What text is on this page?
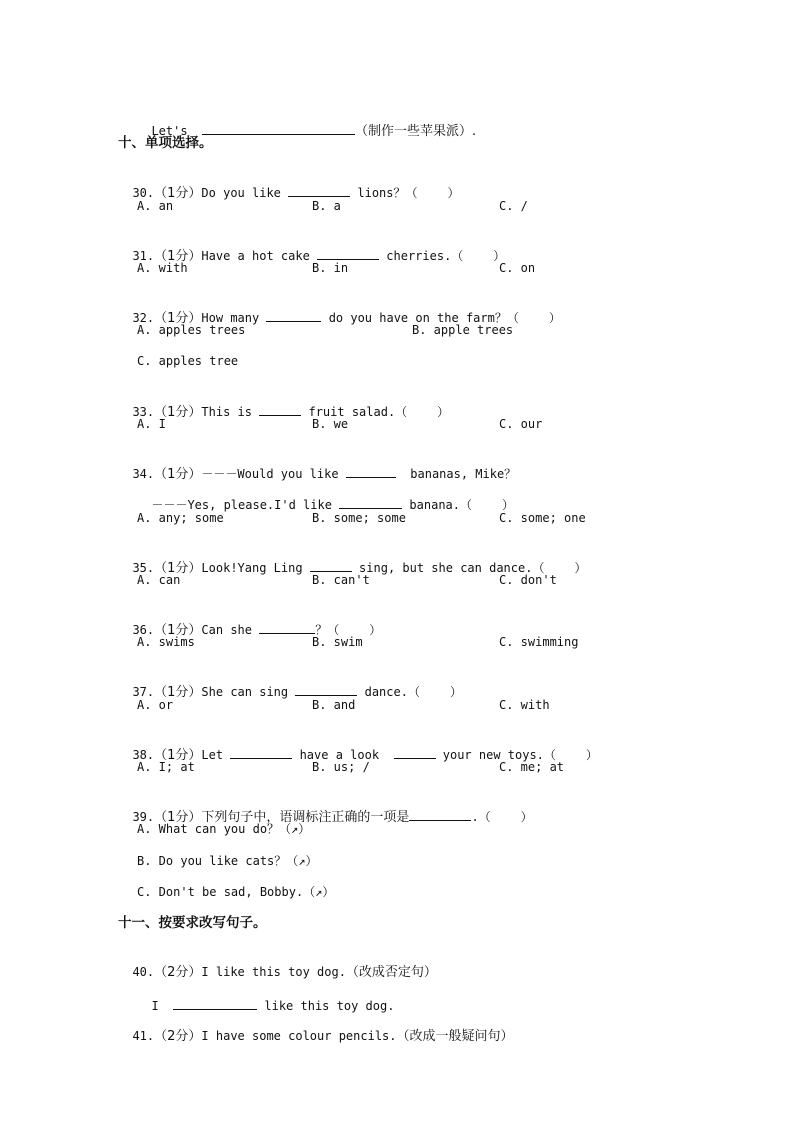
Let's	（制作一些苹果派）.

十、单项选择。

30.（1分）Do you like	lions？（	）

A. an	B. a	C. /

31.（1分）Have a hot cake	cherries.（	）

A. with	B. in	C. on

32.（1分）How many	do you have on the farm？（	）

A. apples trees	B. apple trees
C. apples tree

33.（1分）This is	fruit salad.（	）

A. I	B. we	C. our

34.（1分）－－－Would you like	bananas, Mike？

－－－Yes, please.I'd like	banana.（	）

A. any; some	B. some; some	C. some; one

35.（1分）Look!Yang Ling	sing, but she can dance.（	）

A. can	B. can't	C. don't

36.（1分）Can she	？（	）

A. swims	B. swim	C. swimming

37.（1分）She can sing	dance.（	）

A. or	B. and	C. with

38.（1分）Let	have a look	your new toys.（	）

A. I; at	B. us; /	C. me; at

39.（1分）下列句子中，语调标注正确的一项是	.（	）

A. What can you do？（↗）
B. Do you like cats？（↗）
C. Don't be sad, Bobby.（↗）
十一、按要求改写句子。

40.（2分）I like this toy dog.（改成否定句）

I	like this toy dog.

41.（2分）I have some colour pencils.（改成一般疑问句）
